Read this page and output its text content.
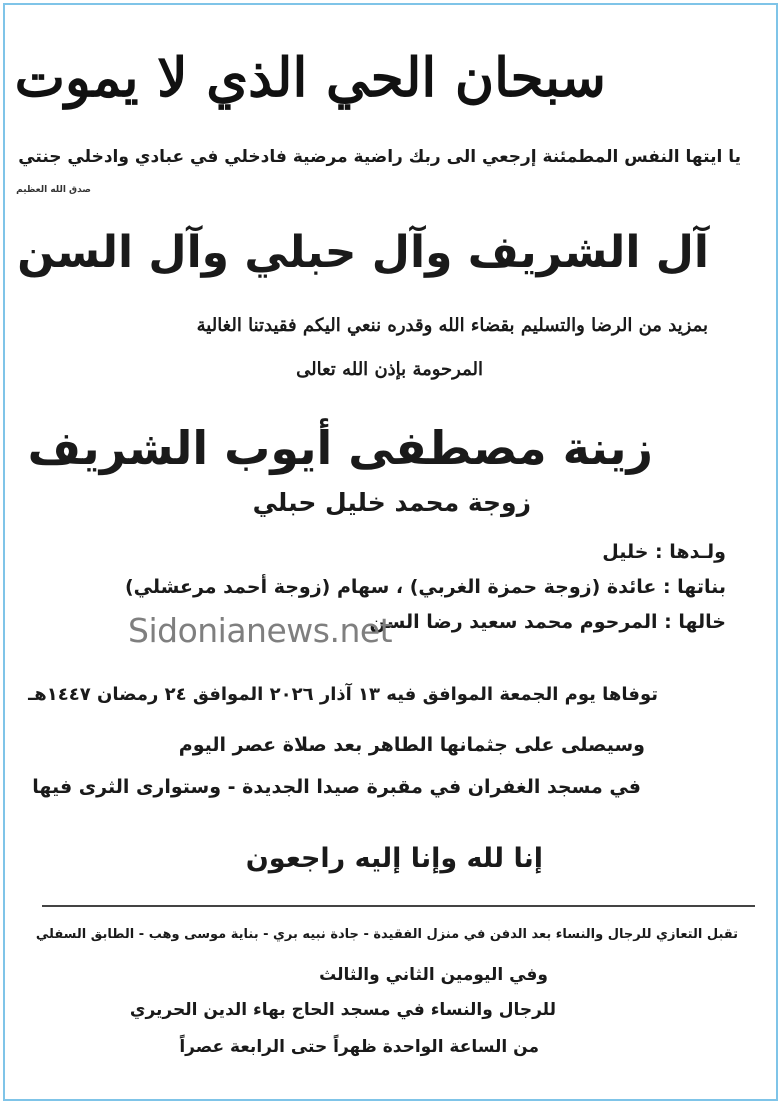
سبحان الحي الذي لا يموت
يا ايتها النفس المطمئنة إرجعي الى ربك راضية مرضية فادخلي في عبادي وادخلي جنتي
صدق الله العظيم
آل الشريف وآل حبلي وآل السن
بمزيد من الرضا والتسليم بقضاء الله وقدره ننعي اليكم فقيدتنا الغالية
المرحومة بإذن الله تعالى
زينة مصطفى أيوب الشريف
زوجة محمد خليل حبلي
ولـدها : خليل
بناتها : عائدة (زوجة حمزة الغربي) ، سهام (زوجة أحمد مرعشلي)
خالها : المرحوم محمد سعيد رضا السن
Sidonianews.net
توفاها يوم الجمعة الموافق فيه ١٣ آذار ٢٠٢٦ الموافق ٢٤ رمضان ١٤٤٧هـ
وسيصلى على جثمانها الطاهر بعد صلاة عصر اليوم
في مسجد الغفران في مقبرة صيدا الجديدة - وستوارى الثرى فيها
إنا لله وإنا إليه راجعون
تقبل التعازي للرجال والنساء بعد الدفن في منزل الفقيدة - جادة نبيه بري - بناية موسى وهب - الطابق السفلي
وفي اليومين الثاني والثالث
للرجال والنساء في مسجد الحاج بهاء الدين الحريري
من الساعة الواحدة ظهراً حتى الرابعة عصراً
